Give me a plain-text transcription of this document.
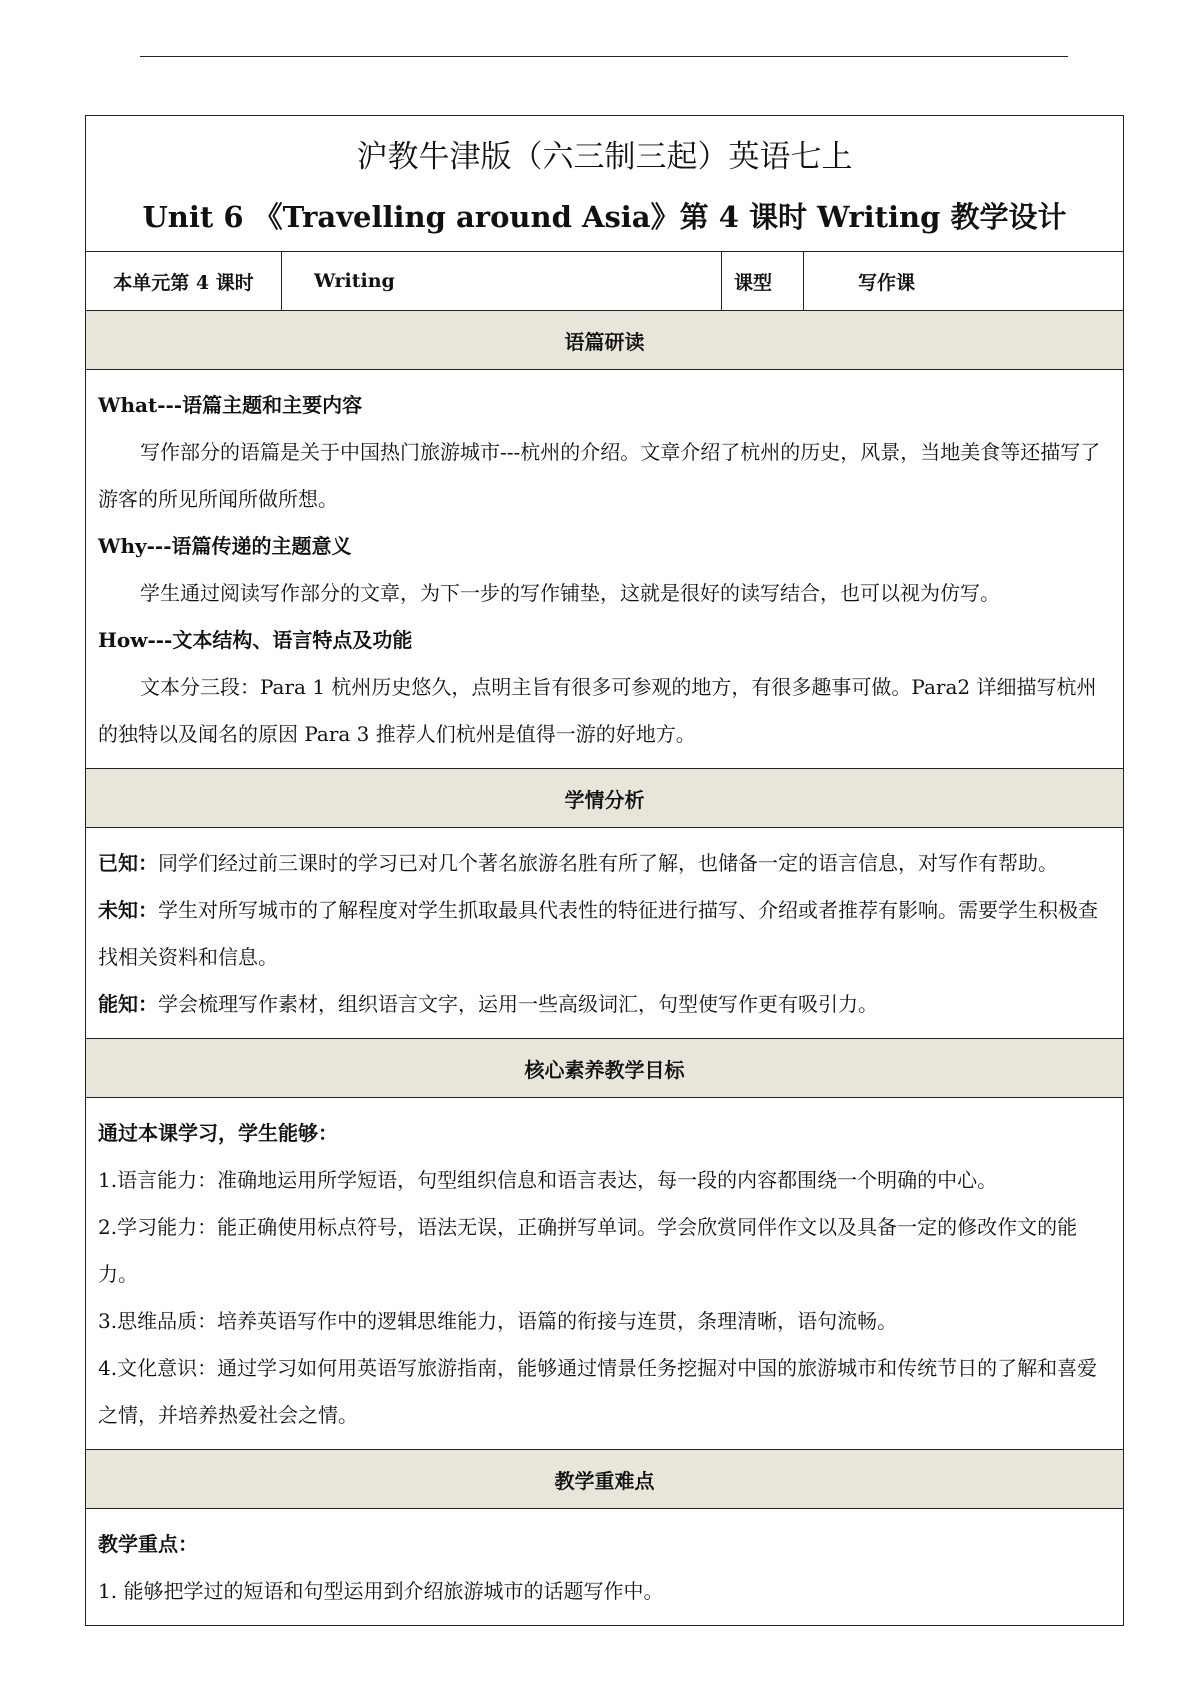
沪教牛津版（六三制三起）英语七上
Unit 6 《Travelling around Asia》第 4 课时 Writing 教学设计

本单元第 4 课时	Writing	课型	写作课
语篇研读

What---语篇主题和主要内容

写作部分的语篇是关于中国热门旅游城市---杭州的介绍。文章介绍了杭州的历史，风景，当地美食等还描写了游客的所见所闻所做所想。

Why---语篇传递的主题意义

学生通过阅读写作部分的文章，为下一步的写作铺垫，这就是很好的读写结合，也可以视为仿写。

How---文本结构、语言特点及功能

文本分三段：Para 1 杭州历史悠久，点明主旨有很多可参观的地方，有很多趣事可做。Para2 详细描写杭州的独特以及闻名的原因 Para 3 推荐人们杭州是值得一游的好地方。

学情分析

已知：同学们经过前三课时的学习已对几个著名旅游名胜有所了解，也储备一定的语言信息，对写作有帮助。

未知：学生对所写城市的了解程度对学生抓取最具代表性的特征进行描写、介绍或者推荐有影响。需要学生积极查找相关资料和信息。

能知：学会梳理写作素材，组织语言文字，运用一些高级词汇，句型使写作更有吸引力。

核心素养教学目标

通过本课学习，学生能够：

1.语言能力：准确地运用所学短语，句型组织信息和语言表达，每一段的内容都围绕一个明确的中心。

2.学习能力：能正确使用标点符号，语法无误，正确拼写单词。学会欣赏同伴作文以及具备一定的修改作文的能力。

3.思维品质：培养英语写作中的逻辑思维能力，语篇的衔接与连贯，条理清晰，语句流畅。

4.文化意识：通过学习如何用英语写旅游指南，能够通过情景任务挖掘对中国的旅游城市和传统节日的了解和喜爱之情，并培养热爱社会之情。

教学重难点

教学重点：

1. 能够把学过的短语和句型运用到介绍旅游城市的话题写作中。
